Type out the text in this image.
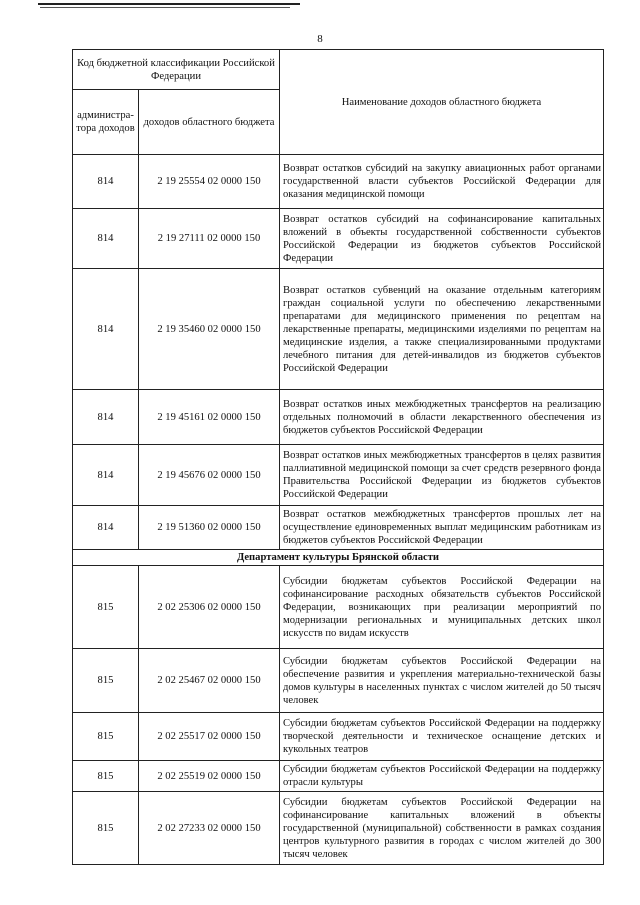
8
Код бюджетной классификации Российской Федерации		Наименование доходов областного бюджета
администра-тора доходов	доходов областного бюджета	
814	2 19 25554 02 0000 150	Возврат остатков субсидий на закупку авиационных работ органами государственной власти субъектов Российской Федерации для оказания медицинской помощи
814	2 19 27111 02 0000 150	Возврат остатков субсидий на софинансирование капитальных вложений в объекты государственной собственности субъектов Российской Федерации из бюджетов субъектов Российской Федерации
814	2 19 35460 02 0000 150	Возврат остатков субвенций на оказание отдельным категориям граждан социальной услуги по обеспечению лекарственными препаратами для медицинского применения по рецептам на лекарственные препараты, медицинскими изделиями по рецептам на медицинские изделия, а также специализированными продуктами лечебного питания для детей-инвалидов из бюджетов субъектов Российской Федерации
814	2 19 45161 02 0000 150	Возврат остатков иных межбюджетных трансфертов на реализацию отдельных полномочий в области лекарственного обеспечения из бюджетов субъектов Российской Федерации
814	2 19 45676 02 0000 150	Возврат остатков иных межбюджетных трансфертов в целях развития паллиативной медицинской помощи за счет средств резервного фонда Правительства Российской Федерации из бюджетов субъектов Российской Федерации
814	2 19 51360 02 0000 150	Возврат остатков межбюджетных трансфертов прошлых лет на осуществление единовременных выплат медицинским работникам из бюджетов субъектов Российской Федерации
Департамент культуры Брянской области		
815	2 02 25306 02 0000 150	Субсидии бюджетам субъектов Российской Федерации на софинансирование расходных обязательств субъектов Российской Федерации, возникающих при реализации мероприятий по модернизации региональных и муниципальных детских школ искусств по видам искусств
815	2 02 25467 02 0000 150	Субсидии бюджетам субъектов Российской Федерации на обеспечение развития и укрепления материально-технической базы домов культуры в населенных пунктах с числом жителей до 50 тысяч человек
815	2 02 25517 02 0000 150	Субсидии бюджетам субъектов Российской Федерации на поддержку творческой деятельности и техническое оснащение детских и кукольных театров
815	2 02 25519 02 0000 150	Субсидии бюджетам субъектов Российской Федерации на поддержку отрасли культуры
815	2 02 27233 02 0000 150	Субсидии бюджетам субъектов Российской Федерации на софинансирование капитальных вложений в объекты государственной (муниципальной) собственности в рамках создания центров культурного развития в городах с числом жителей до 300 тысяч человек
